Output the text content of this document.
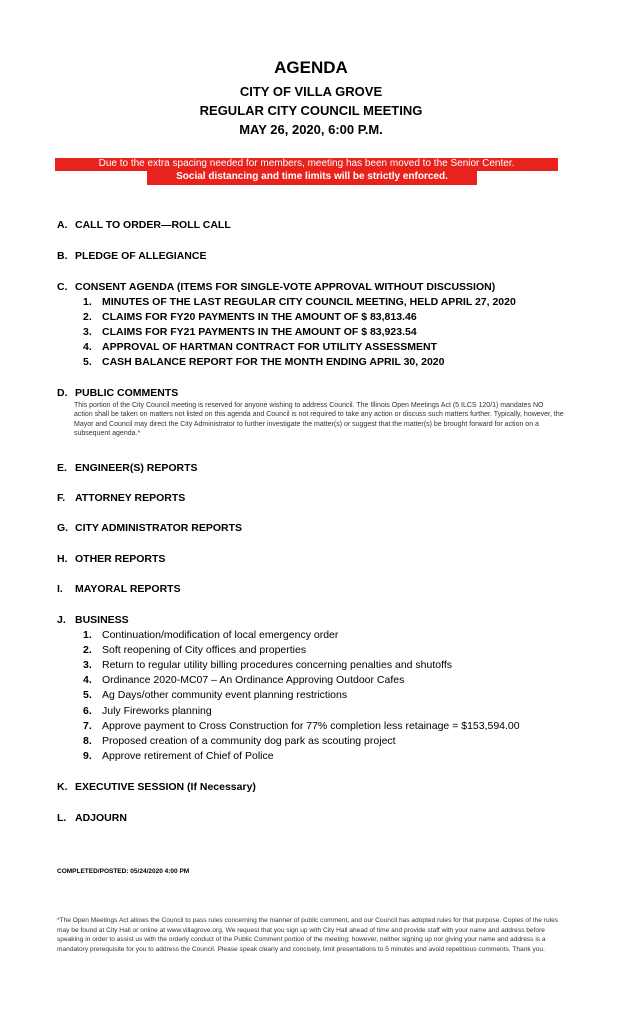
AGENDA
CITY OF VILLA GROVE
REGULAR CITY COUNCIL MEETING
MAY 26, 2020, 6:00 P.M.
Due to the extra spacing needed for members, meeting has been moved to the Senior Center.
Social distancing and time limits will be strictly enforced.
A. CALL TO ORDER—ROLL CALL
B. PLEDGE OF ALLEGIANCE
C. CONSENT AGENDA (ITEMS FOR SINGLE-VOTE APPROVAL WITHOUT DISCUSSION)
1. MINUTES OF THE LAST REGULAR CITY COUNCIL MEETING, HELD APRIL 27, 2020
2. CLAIMS FOR FY20 PAYMENTS IN THE AMOUNT OF $ 83,813.46
3. CLAIMS FOR FY21 PAYMENTS IN THE AMOUNT OF $ 83,923.54
4. APPROVAL OF HARTMAN CONTRACT FOR UTILITY ASSESSMENT
5. CASH BALANCE REPORT FOR THE MONTH ENDING APRIL 30, 2020
D. PUBLIC COMMENTS
This portion of the City Council meeting is reserved for anyone wishing to address Council. The Illinois Open Meetings Act (5 ILCS 120/1) mandates NO action shall be taken on matters not listed on this agenda and Council is not required to take any action or discuss such matters further. Typically, however, the Mayor and Council may direct the City Administrator to further investigate the matter(s) or suggest that the matter(s) be brought forward for action on a subsequent agenda.*
E. ENGINEER(S) REPORTS
F. ATTORNEY REPORTS
G. CITY ADMINISTRATOR REPORTS
H. OTHER REPORTS
I. MAYORAL REPORTS
J. BUSINESS
1. Continuation/modification of local emergency order
2. Soft reopening of City offices and properties
3. Return to regular utility billing procedures concerning penalties and shutoffs
4. Ordinance 2020-MC07 – An Ordinance Approving Outdoor Cafes
5. Ag Days/other community event planning restrictions
6. July Fireworks planning
7. Approve payment to Cross Construction for 77% completion less retainage = $153,594.00
8. Proposed creation of a community dog park as scouting project
9. Approve retirement of Chief of Police
K. EXECUTIVE SESSION (If Necessary)
L. ADJOURN
COMPLETED/POSTED: 05/24/2020 4:00 PM
*The Open Meetings Act allows the Council to pass rules concerning the manner of public comment, and our Council has adopted rules for that purpose. Copies of the rules may be found at City Hall or online at www.villagrove.org. We request that you sign up with City Hall ahead of time and provide staff with your name and address before speaking in order to assist us with the orderly conduct of the Public Comment portion of the meeting; however, neither signing up nor giving your name and address is a mandatory prerequisite for you to address the Council. Please speak clearly and concisely, limit presentations to 5 minutes and avoid repetitious comments. Thank you.
